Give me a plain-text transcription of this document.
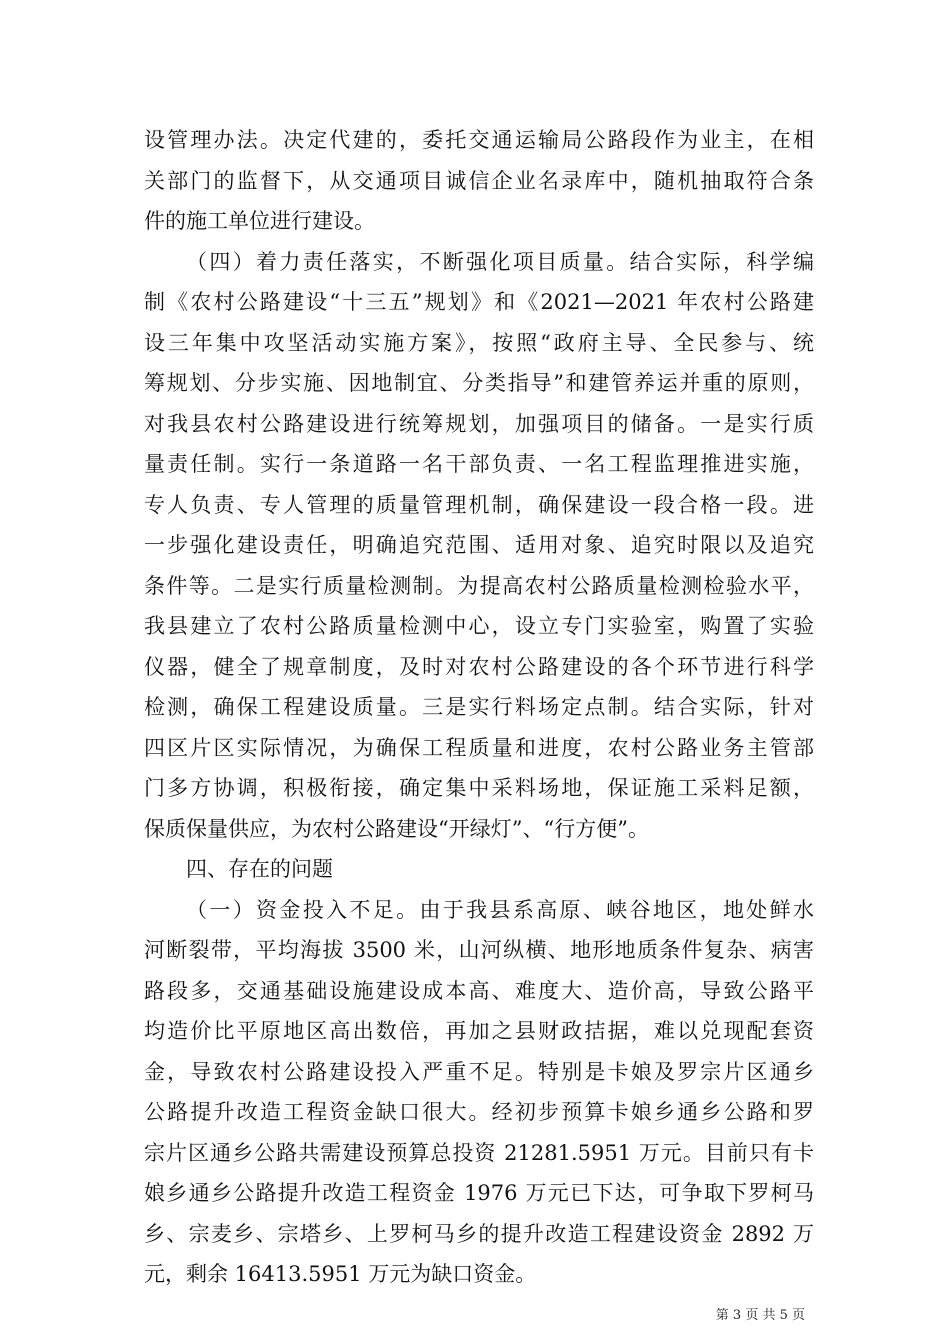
设管理办法。决定代建的，委托交通运输局公路段作为业主，在相
关部门的监督下，从交通项目诚信企业名录库中，随机抽取符合条
件的施工单位进行建设。
（四）着力责任落实，不断强化项目质量。结合实际，科学编
制《农村公路建设“十三五”规划》和《2021—2021 年农村公路建
设三年集中攻坚活动实施方案》，按照“政府主导、全民参与、统
筹规划、分步实施、因地制宜、分类指导”和建管养运并重的原则，
对我县农村公路建设进行统筹规划，加强项目的储备。一是实行质
量责任制。实行一条道路一名干部负责、一名工程监理推进实施，
专人负责、专人管理的质量管理机制，确保建设一段合格一段。进
一步强化建设责任，明确追究范围、适用对象、追究时限以及追究
条件等。二是实行质量检测制。为提高农村公路质量检测检验水平，
我县建立了农村公路质量检测中心，设立专门实验室，购置了实验
仪器，健全了规章制度，及时对农村公路建设的各个环节进行科学
检测，确保工程建设质量。三是实行料场定点制。结合实际，针对
四区片区实际情况，为确保工程质量和进度，农村公路业务主管部
门多方协调，积极衔接，确定集中采料场地，保证施工采料足额，
保质保量供应，为农村公路建设“开绿灯”、“行方便”。
四、存在的问题
（一）资金投入不足。由于我县系高原、峡谷地区，地处鲜水
河断裂带，平均海拔 3500 米，山河纵横、地形地质条件复杂、病害
路段多，交通基础设施建设成本高、难度大、造价高，导致公路平
均造价比平原地区高出数倍，再加之县财政拮据，难以兑现配套资
金，导致农村公路建设投入严重不足。特别是卡娘及罗宗片区通乡
公路提升改造工程资金缺口很大。经初步预算卡娘乡通乡公路和罗
宗片区通乡公路共需建设预算总投资 21281.5951 万元。目前只有卡
娘乡通乡公路提升改造工程资金 1976 万元已下达，可争取下罗柯马
乡、宗麦乡、宗塔乡、上罗柯马乡的提升改造工程建设资金 2892 万
元，剩余 16413.5951 万元为缺口资金。
第 3 页 共 5 页
